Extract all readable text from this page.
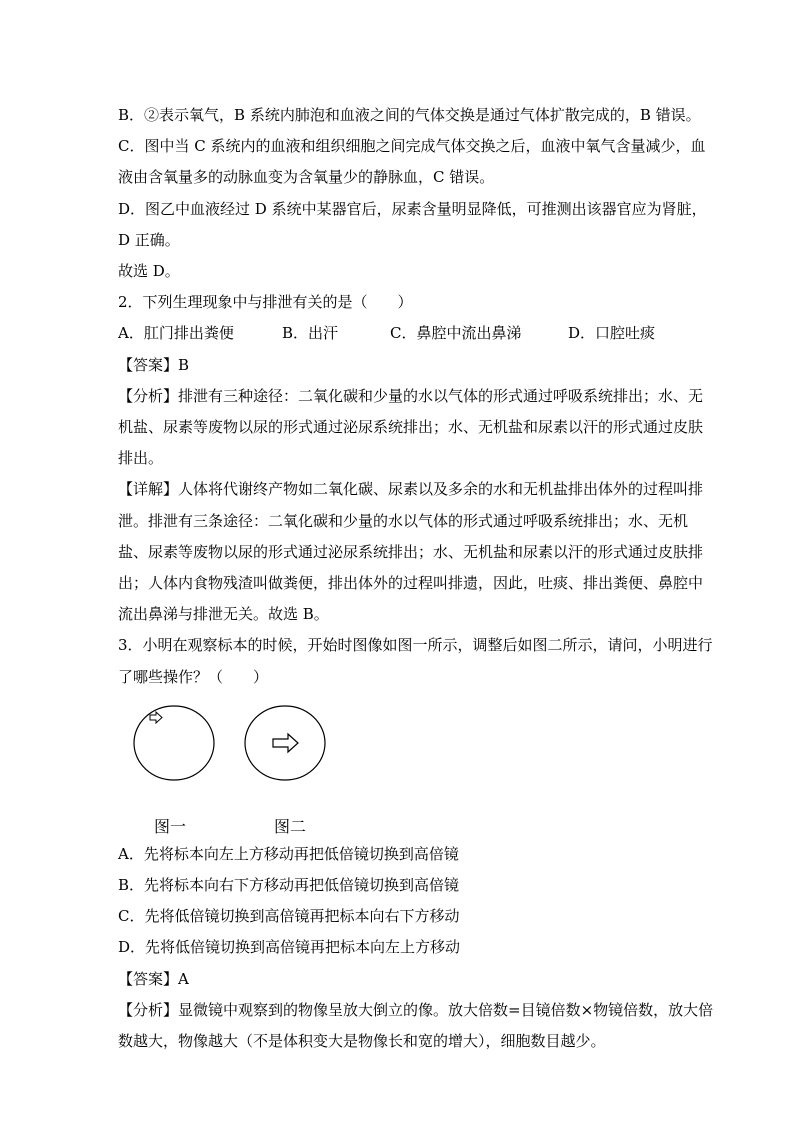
B．②表示氧气，B 系统内肺泡和血液之间的气体交换是通过气体扩散完成的，B 错误。
C．图中当 C 系统内的血液和组织细胞之间完成气体交换之后，血液中氧气含量减少，血
液由含氧量多的动脉血变为含氧量少的静脉血，C 错误。
D．图乙中血液经过 D 系统中某器官后，尿素含量明显降低，可推测出该器官应为肾脏，
D 正确。
故选 D。
2．下列生理现象中与排泄有关的是（　　）
A．肛门排出粪便	B．出汗	C．鼻腔中流出鼻涕	D．口腔吐痰
【答案】B
【分析】排泄有三种途径：二氧化碳和少量的水以气体的形式通过呼吸系统排出；水、无
机盐、尿素等废物以尿的形式通过泌尿系统排出；水、无机盐和尿素以汗的形式通过皮肤
排出。
【详解】人体将代谢终产物如二氧化碳、尿素以及多余的水和无机盐排出体外的过程叫排
泄。排泄有三条途径：二氧化碳和少量的水以气体的形式通过呼吸系统排出；水、无机
盐、尿素等废物以尿的形式通过泌尿系统排出；水、无机盐和尿素以汗的形式通过皮肤排
出；人体内食物残渣叫做粪便，排出体外的过程叫排遗，因此，吐痰、排出粪便、鼻腔中
流出鼻涕与排泄无关。故选 B。
3．小明在观察标本的时候，开始时图像如图一所示，调整后如图二所示，请问，小明进行
了哪些操作？（　　）
图一	图二
A．先将标本向左上方移动再把低倍镜切换到高倍镜
B．先将标本向右下方移动再把低倍镜切换到高倍镜
C．先将低倍镜切换到高倍镜再把标本向右下方移动
D．先将低倍镜切换到高倍镜再把标本向左上方移动
【答案】A
【分析】显微镜中观察到的物像呈放大倒立的像。放大倍数=目镜倍数×物镜倍数，放大倍
数越大，物像越大（不是体积变大是物像长和宽的增大），细胞数目越少。
